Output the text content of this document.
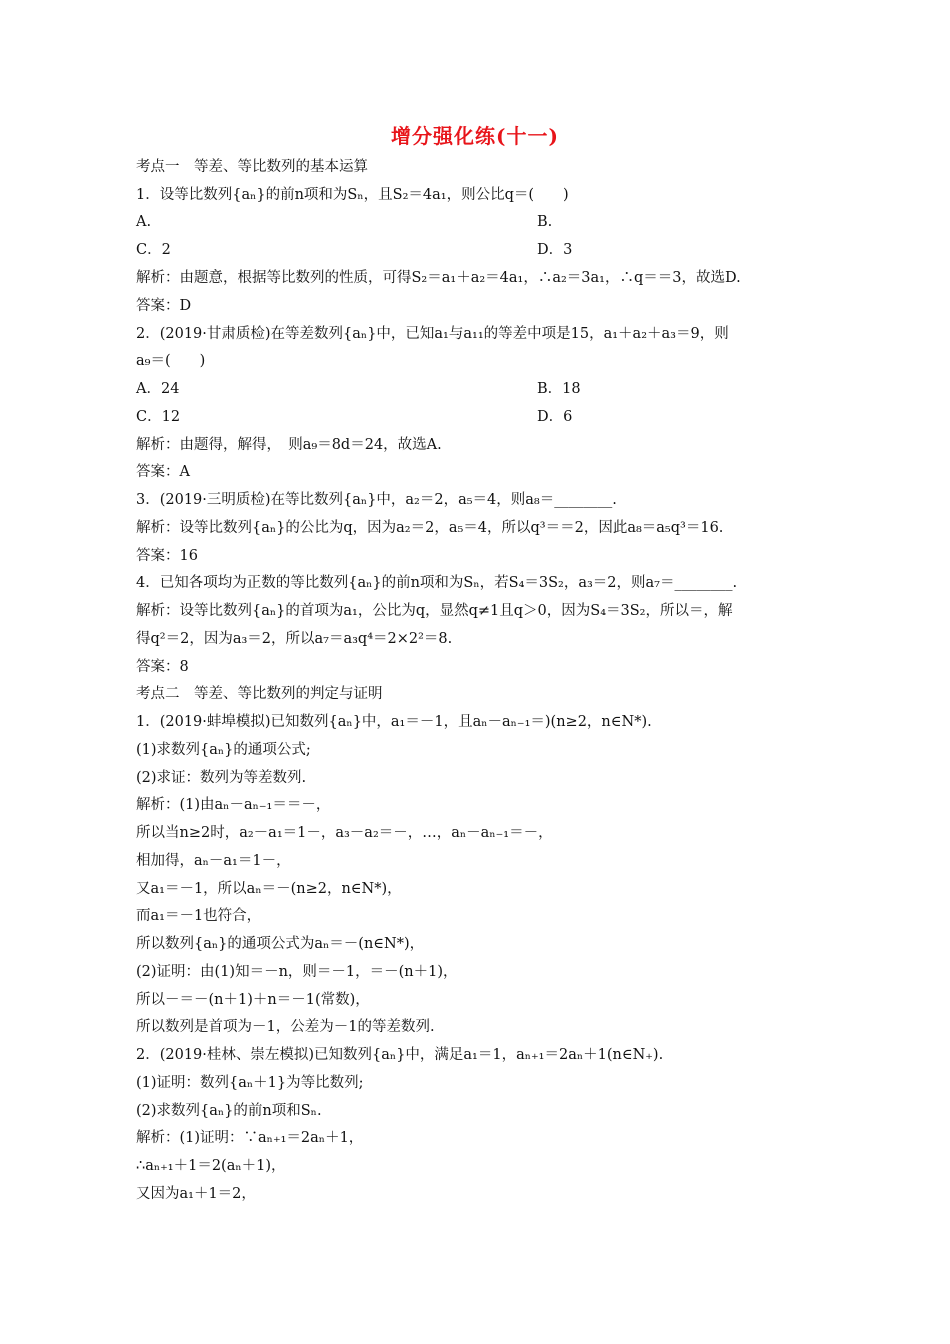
增分强化练(十一)
考点一　等差、等比数列的基本运算
1．设等比数列{aₙ}的前n项和为Sₙ，且S₂＝4a₁，则公比q＝(　　)
A.	B.
C．2	D．3
解析：由题意，根据等比数列的性质，可得S₂＝a₁＋a₂＝4a₁，∴a₂＝3a₁，∴q＝＝3，故选D.
答案：D
2．(2019·甘肃质检)在等差数列{aₙ}中，已知a₁与a₁₁的等差中项是15，a₁＋a₂＋a₃＝9，则
a₉＝(　　)
A．24	B．18
C．12	D．6
解析：由题得，解得，　则a₉＝8d＝24，故选A.
答案：A
3．(2019·三明质检)在等比数列{aₙ}中，a₂＝2，a₅＝4，则a₈＝________.
解析：设等比数列{aₙ}的公比为q，因为a₂＝2，a₅＝4，所以q³＝＝2，因此a₈＝a₅q³＝16.
答案：16
4．已知各项均为正数的等比数列{aₙ}的前n项和为Sₙ，若S₄＝3S₂，a₃＝2，则a₇＝________.
解析：设等比数列{aₙ}的首项为a₁，公比为q，显然q≠1且q＞0，因为S₄＝3S₂，所以＝，解
得q²＝2，因为a₃＝2，所以a₇＝a₃q⁴＝2×2²＝8.
答案：8
考点二　等差、等比数列的判定与证明
1．(2019·蚌埠模拟)已知数列{aₙ}中，a₁＝－1，且aₙ－aₙ₋₁＝)(n≥2，n∈N*).
(1)求数列{aₙ}的通项公式;
(2)求证：数列为等差数列.
解析：(1)由aₙ－aₙ₋₁＝＝－，
所以当n≥2时，a₂－a₁＝1－，a₃－a₂＝－，…，aₙ－aₙ₋₁＝－，
相加得，aₙ－a₁＝1－，
又a₁＝－1，所以aₙ＝－(n≥2，n∈N*)，
而a₁＝－1也符合，
所以数列{aₙ}的通项公式为aₙ＝－(n∈N*)，
(2)证明：由(1)知＝－n，则＝－1，＝－(n＋1)，
所以－＝－(n＋1)＋n＝－1(常数)，
所以数列是首项为－1，公差为－1的等差数列.
2．(2019·桂林、崇左模拟)已知数列{aₙ}中，满足a₁＝1，aₙ₊₁＝2aₙ＋1(n∈N₊).
(1)证明：数列{aₙ＋1}为等比数列;
(2)求数列{aₙ}的前n项和Sₙ.
解析：(1)证明：∵aₙ₊₁＝2aₙ＋1，
∴aₙ₊₁＋1＝2(aₙ＋1)，
又因为a₁＋1＝2，
